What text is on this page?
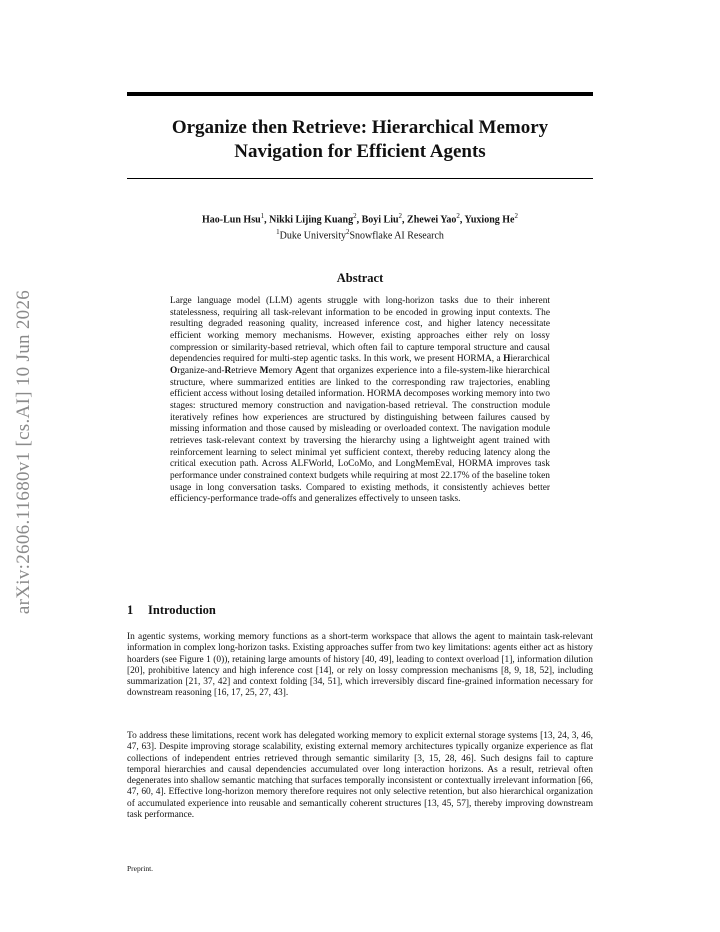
arXiv:2606.11680v1 [cs.AI] 10 Jun 2026
Organize then Retrieve: Hierarchical Memory Navigation for Efficient Agents
Hao-Lun Hsu$^1$, Nikki Lijing Kuang$^2$, Boyi Liu$^2$, Zhewei Yao$^2$, Yuxiong He$^2$
$^1$Duke University$^2$Snowflake AI Research
Abstract

Large language model (LLM) agents struggle with long-horizon tasks due to their inherent statelessness, requiring all task-relevant information to be encoded in growing input contexts. The resulting degraded reasoning quality, increased inference cost, and higher latency necessitate efficient working memory mechanisms. However, existing approaches either rely on lossy compression or similarity-based retrieval, which often fail to capture temporal structure and causal dependencies required for multi-step agentic tasks. In this work, we present HORMA, a Hierarchical Organize-and-Retrieve Memory Agent that organizes experience into a file-system-like hierarchical structure, where summarized entities are linked to the corresponding raw trajectories, enabling efficient access without losing detailed information. HORMA decomposes working memory into two stages: structured memory construction and navigation-based retrieval. The construction module iteratively refines how experiences are structured by distinguishing between failures caused by missing information and those caused by misleading or overloaded context. The navigation module retrieves task-relevant context by traversing the hierarchy using a lightweight agent trained with reinforcement learning to select minimal yet sufficient context, thereby reducing latency along the critical execution path. Across ALFWorld, LoCoMo, and LongMemEval, HORMA improves task performance under constrained context budgets while requiring at most 22.17% of the baseline token usage in long conversation tasks. Compared to existing methods, it consistently achieves better efficiency-performance trade-offs and generalizes effectively to unseen tasks.

1 Introduction

In agentic systems, working memory functions as a short-term workspace that allows the agent to maintain task-relevant information in complex long-horizon tasks. Existing approaches suffer from two key limitations: agents either act as history hoarders (see Figure 1 (0)), retaining large amounts of history [40, 49], leading to context overload [1], information dilution [20], prohibitive latency and high inference cost [14], or rely on lossy compression mechanisms [8, 9, 18, 52], including summarization [21, 37, 42] and context folding [34, 51], which irreversibly discard fine-grained information necessary for downstream reasoning [16, 17, 25, 27, 43].

To address these limitations, recent work has delegated working memory to explicit external storage systems [13, 24, 3, 46, 47, 63]. Despite improving storage scalability, existing external memory architectures typically organize experience as flat collections of independent entries retrieved through semantic similarity [3, 15, 28, 46]. Such designs fail to capture temporal hierarchies and causal dependencies accumulated over long interaction horizons. As a result, retrieval often degenerates into shallow semantic matching that surfaces temporally inconsistent or contextually irrelevant information [66, 47, 60, 4]. Effective long-horizon memory therefore requires not only selective retention, but also hierarchical organization of accumulated experience into reusable and semantically coherent structures [13, 45, 57], thereby improving downstream task performance.

Preprint.
